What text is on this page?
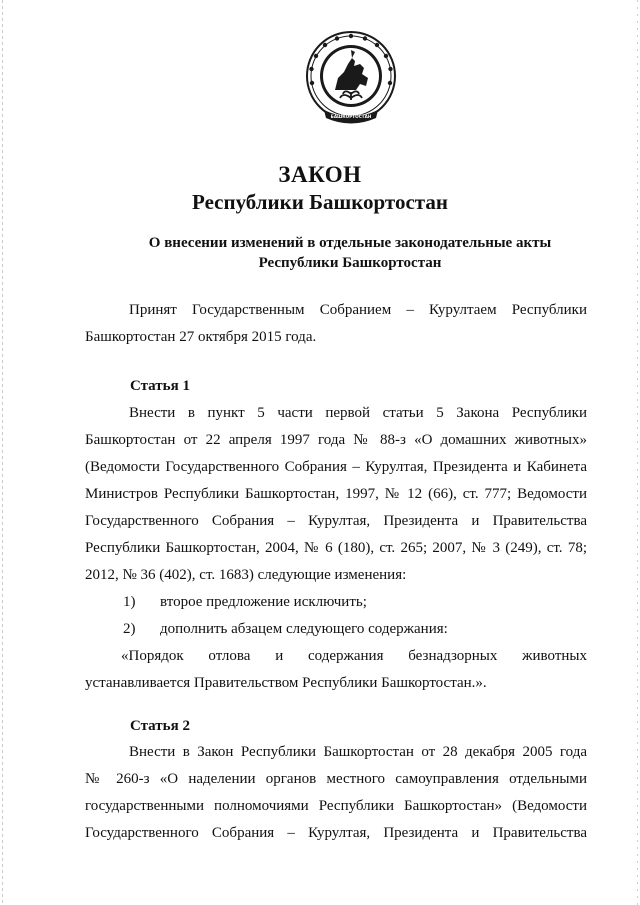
БАШКОРТОСТАН
ЗАКОН
Республики Башкортостан
О внесении изменений в отдельные законодательные акты
Республики Башкортостан

Принят Государственным Собранием – Курултаем Республики

Башкортостан 27 октября 2015 года.

Статья 1

Внести в пункт 5 части первой статьи 5 Закона Республики

Башкортостан от 22 апреля 1997 года № 88-з «О домашних животных»

(Ведомости Государственного Собрания – Курултая, Президента и Кабинета

Министров Республики Башкортостан, 1997, № 12 (66), ст. 777; Ведомости

Государственного Собрания – Курултая, Президента и Правительства

Республики Башкортостан, 2004, № 6 (180), ст. 265; 2007, № 3 (249), ст. 78;

2012, № 36 (402), ст. 1683) следующие изменения:

1)	второе предложение исключить;
2)	дополнить абзацем следующего содержания:

«Порядок отлова и содержания безнадзорных животных

устанавливается Правительством Республики Башкортостан.».

Статья 2

Внести в Закон Республики Башкортостан от 28 декабря 2005 года

№ 260-з «О наделении органов местного самоуправления отдельными

государственными полномочиями Республики Башкортостан» (Ведомости

Государственного Собрания – Курултая, Президента и Правительства
